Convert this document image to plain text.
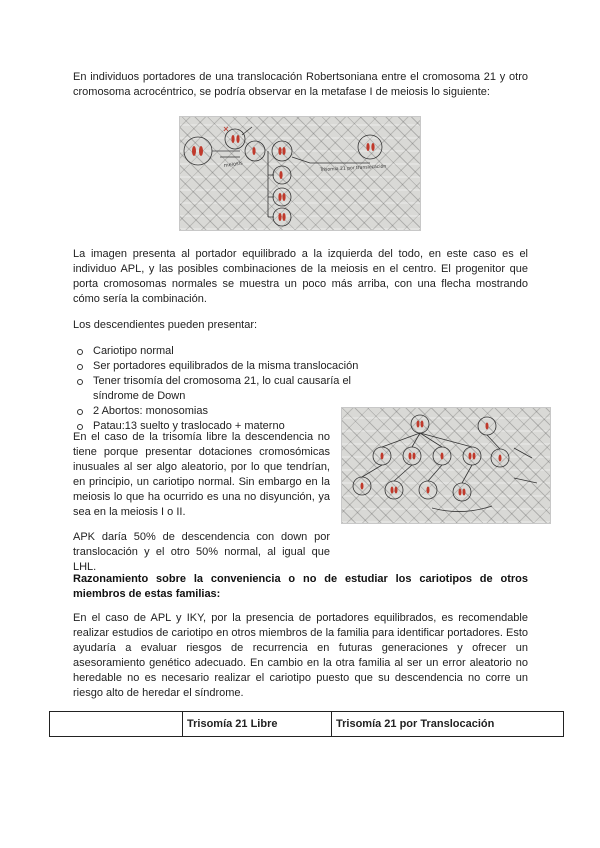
En individuos portadores de una translocación Robertsoniana entre el cromosoma 21 y otro cromosoma acrocéntrico, se podría observar en la metafase I de meiosis lo siguiente:

meiosis	Trisomía 21 por translocación

La imagen presenta al portador equilibrado a la izquierda del todo, en este caso es el individuo APL, y las posibles combinaciones de la meiosis en el centro. El progenitor que porta cromosomas normales se muestra un poco más arriba, con una flecha mostrando cómo sería la combinación.

Los descendientes pueden presentar:

Cariotipo normal
Ser portadores equilibrados de la misma translocación
Tener trisomía del cromosoma 21, lo cual causaría el síndrome de Down
2 Abortos: monosomias
Patau:13 suelto y traslocado + materno

En el caso de la trisomía libre la descendencia no tiene porque presentar dotaciones cromosómicas inusuales al ser algo aleatorio, por lo que tendrían, en principio, un cariotipo normal. Sin embargo en la meiosis lo que ha ocurrido es una no disyunción, ya sea en la meiosis I o II.

APK daría 50% de descendencia con down por translocación y el otro 50% normal, al igual que LHL.

Razonamiento sobre la conveniencia o no de estudiar los cariotipos de otros miembros de estas familias:

En el caso de APL y IKY, por la presencia de portadores equilibrados, es recomendable realizar estudios de cariotipo en otros miembros de la familia para identificar portadores. Esto ayudaría a evaluar riesgos de recurrencia en futuras generaciones y ofrecer un asesoramiento genético adecuado. En cambio en la otra familia al ser un error aleatorio no heredable no es necesario realizar el cariotipo puesto que su descendencia no corre un riesgo alto de heredar el síndrome.

	Trisomía 21 Libre	Trisomía 21 por Translocación
